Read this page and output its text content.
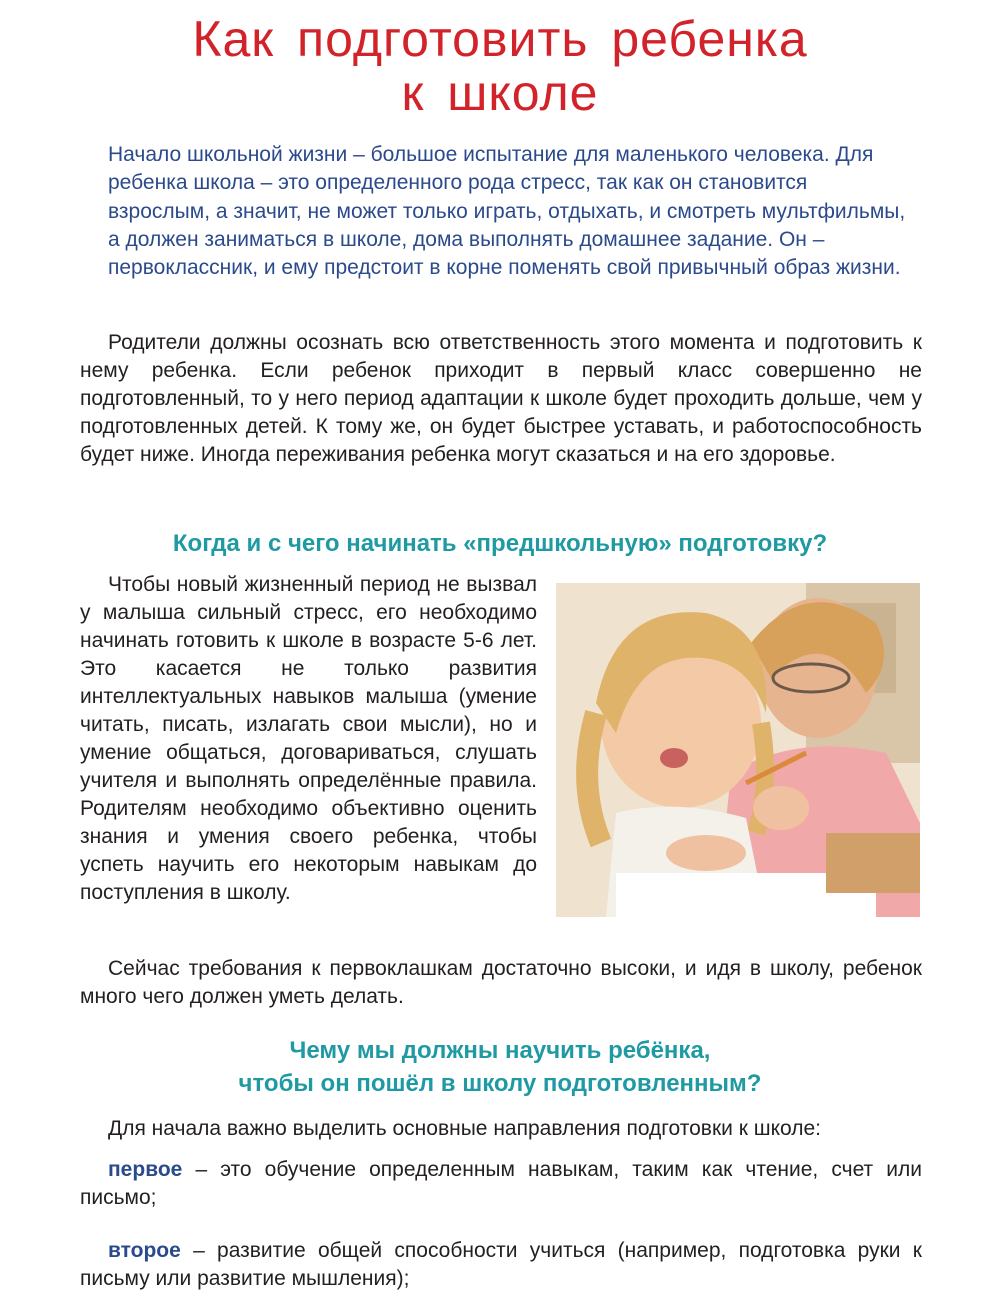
Как подготовить ребенка
к школе
Начало школьной жизни – большое испытание для маленького человека. Для ребенка школа – это определенного рода стресс, так как он становится взрослым, а значит, не может только играть, отдыхать, и смотреть мультфильмы, а должен заниматься в школе, дома выполнять домашнее задание. Он – первоклассник, и ему предстоит в корне поменять свой привычный образ жизни.
Родители должны осознать всю ответственность этого момента и подготовить к нему ребенка. Если ребенок приходит в первый класс совершенно не подготовленный, то у него период адаптации к школе будет проходить дольше, чем у подготовленных детей. К тому же, он будет быстрее уставать, и работоспособность будет ниже. Иногда переживания ребенка могут сказаться и на его здоровье.
Когда и с чего начинать «предшкольную» подготовку?
Чтобы новый жизненный период не вызвал у малыша сильный стресс, его необходимо начинать готовить к школе в возрасте 5-6 лет. Это касается не только развития интеллектуальных навыков малыша (умение читать, писать, излагать свои мысли), но и умение общаться, договариваться, слушать учителя и выполнять определённые правила. Родителям необходимо объективно оценить знания и умения своего ребенка, чтобы успеть научить его некоторым навыкам до поступления в школу.
Сейчас требования к первоклашкам достаточно высоки, и идя в школу, ребенок много чего должен уметь делать.
Чему мы должны научить ребёнка,
чтобы он пошёл в школу подготовленным?
Для начала важно выделить основные направления подготовки к школе:
первое – это обучение определенным навыкам, таким как чтение, счет или письмо;
второе – развитие общей способности учиться (например, подготовка руки к письму или развитие мышления);
